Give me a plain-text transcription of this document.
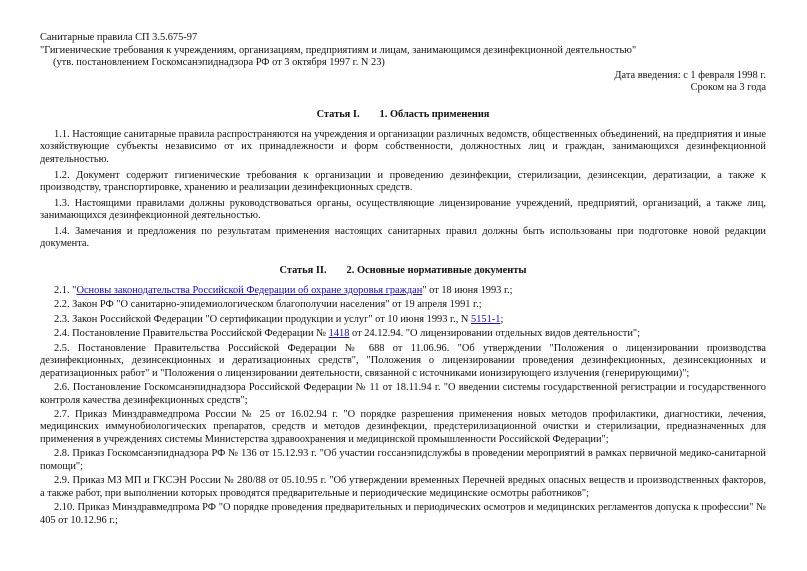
Санитарные правила СП 3.5.675-97

"Гигиенические требования к учреждениям, организациям, предприятиям и лицам, занимающимся дезинфекционной деятельностью"

(утв. постановлением Госкомсанэпиднадзора РФ от 3 октября 1997 г. N 23)

Дата введения: с 1 февраля 1998 г.

Сроком на 3 года

Статья I. 1. Область применения

1.1. Настоящие санитарные правила распространяются на учреждения и организации различных ведомств, общественных объединений, на предприятия и иные хозяйствующие субъекты независимо от их принадлежности и форм собственности, должностных лиц и граждан, занимающихся дезинфекционной деятельностью.

1.2. Документ содержит гигиенические требования к организации и проведению дезинфекции, стерилизации, дезинсекции, дератизации, а также к производству, транспортировке, хранению и реализации дезинфекционных средств.

1.3. Настоящими правилами должны руководствоваться органы, осуществляющие лицензирование учреждений, предприятий, организаций, а также лиц, занимающихся дезинфекционной деятельностью.

1.4. Замечания и предложения по результатам применения настоящих санитарных правил должны быть использованы при подготовке новой редакции документа.

Статья II. 2. Основные нормативные документы

2.1. "Основы законодательства Российской Федерации об охране здоровья граждан" от 18 июня 1993 г.;

2.2. Закон РФ "О санитарно-эпидемиологическом благополучии населения" от 19 апреля 1991 г.;

2.3. Закон Российской Федерации "О сертификации продукции и услуг" от 10 июня 1993 г., N 5151-1;

2.4. Постановление Правительства Российской Федерации № 1418 от 24.12.94. "О лицензировании отдельных видов деятельности";

2.5. Постановление Правительства Российской Федерации № 688 от 11.06.96. "Об утверждении "Положения о лицензировании производства дезинфекционных, дезинсекционных и дератизационных средств", "Положения о лицензировании проведения дезинфекционных, дезинсекционных и дератизационных работ" и "Положения о лицензировании деятельности, связанной с источниками ионизирующего излучения (генерирующими)";

2.6. Постановление Госкомсанэпиднадзора Российской Федерации № 11 от 18.11.94 г. "О введении системы государственной регистрации и государственного контроля качества дезинфекционных средств";

2.7. Приказ Минздравмедпрома России № 25 от 16.02.94 г. "О порядке разрешения применения новых методов профилактики, диагностики, лечения, медицинских иммунобиологических препаратов, средств и методов дезинфекции, предстерилизационной очистки и стерилизации, предназначенных для применения в учреждениях системы Министерства здравоохранения и медицинской промышленности Российской Федерации";

2.8. Приказ Госкомсанэпиднадзора РФ № 136 от 15.12.93 г. "Об участии госсанэпидслужбы в проведении мероприятий в рамках первичной медико-санитарной помощи";

2.9. Приказ МЗ МП и ГКСЭН России № 280/88 от 05.10.95 г. "Об утверждении временных Перечней вредных опасных веществ и производственных факторов, а также работ, при выполнении которых проводятся предварительные и периодические медицинские осмотры работников";

2.10. Приказ Минздравмедпрома РФ "О порядке проведения предварительных и периодических осмотров и медицинских регламентов допуска к профессии" № 405 от 10.12.96 г.;
